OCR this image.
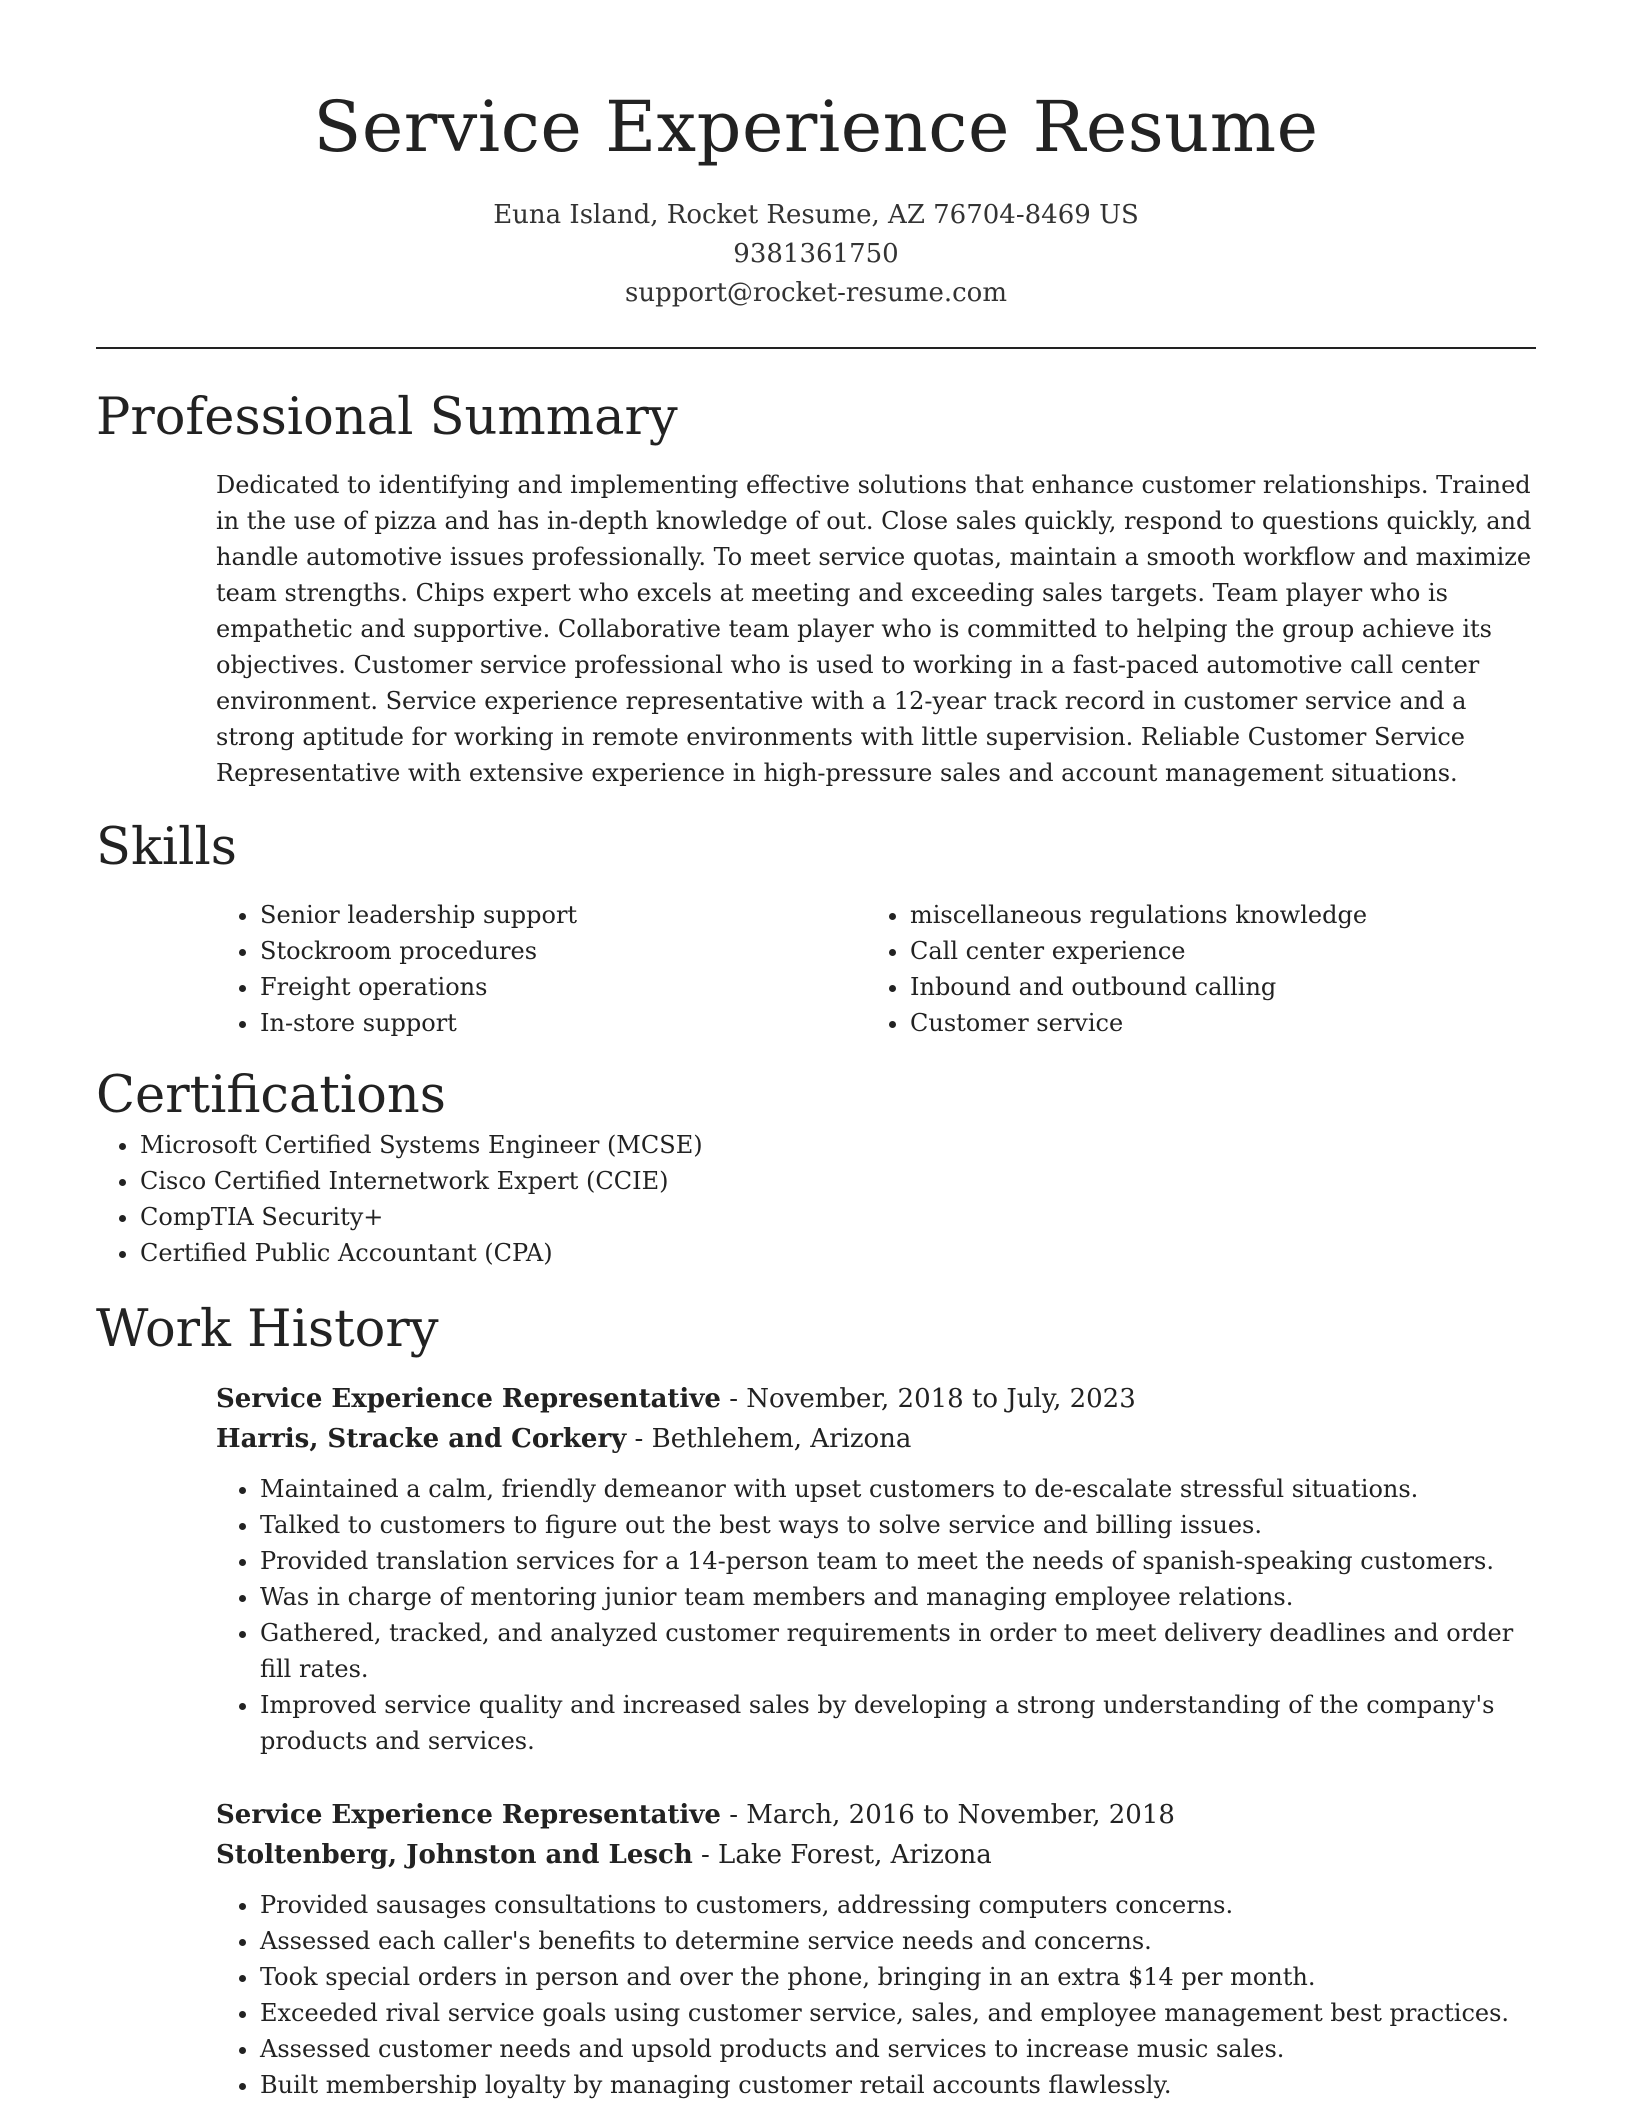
Service Experience Resume
Euna Island, Rocket Resume, AZ 76704-8469 US
9381361750
support@rocket-resume.com
Professional Summary

Dedicated to identifying and implementing effective solutions that enhance customer relationships. Trained in the use of pizza and has in-depth knowledge of out. Close sales quickly, respond to questions quickly, and handle automotive issues professionally. To meet service quotas, maintain a smooth workflow and maximize team strengths. Chips expert who excels at meeting and exceeding sales targets. Team player who is empathetic and supportive. Collaborative team player who is committed to helping the group achieve its objectives. Customer service professional who is used to working in a fast-paced automotive call center environment. Service experience representative with a 12-year track record in customer service and a strong aptitude for working in remote environments with little supervision. Reliable Customer Service Representative with extensive experience in high-pressure sales and account management situations.

Skills
• Senior leadership support
• Stockroom procedures
• Freight operations
• In-store support
• miscellaneous regulations knowledge
• Call center experience
• Inbound and outbound calling
• Customer service
Certifications
• Microsoft Certified Systems Engineer (MCSE)
• Cisco Certified Internetwork Expert (CCIE)
• CompTIA Security+
• Certified Public Accountant (CPA)
Work History
Service Experience Representative - November, 2018 to July, 2023
Harris, Stracke and Corkery - Bethlehem, Arizona
• Maintained a calm, friendly demeanor with upset customers to de-escalate stressful situations.
• Talked to customers to figure out the best ways to solve service and billing issues.
• Provided translation services for a 14-person team to meet the needs of spanish-speaking customers.
• Was in charge of mentoring junior team members and managing employee relations.
• Gathered, tracked, and analyzed customer requirements in order to meet delivery deadlines and order fill rates.
• Improved service quality and increased sales by developing a strong understanding of the company's products and services.
Service Experience Representative - March, 2016 to November, 2018
Stoltenberg, Johnston and Lesch - Lake Forest, Arizona
• Provided sausages consultations to customers, addressing computers concerns.
• Assessed each caller's benefits to determine service needs and concerns.
• Took special orders in person and over the phone, bringing in an extra $14 per month.
• Exceeded rival service goals using customer service, sales, and employee management best practices.
• Assessed customer needs and upsold products and services to increase music sales.
• Built membership loyalty by managing customer retail accounts flawlessly.
